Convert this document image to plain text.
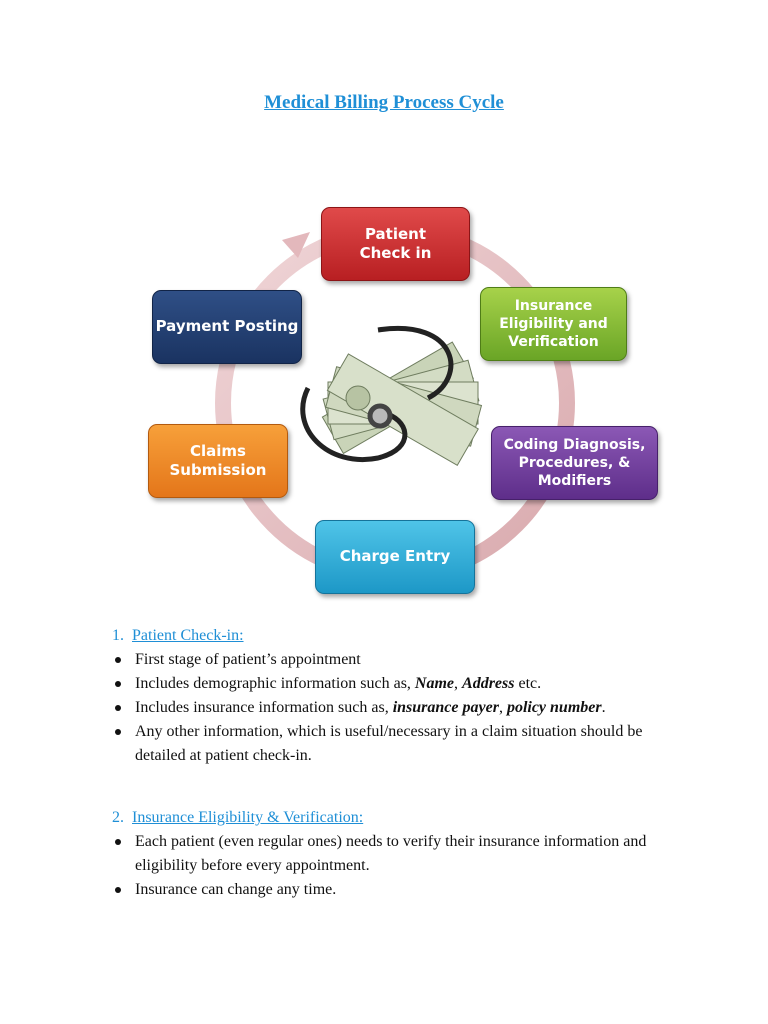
Medical Billing Process Cycle
Patient
Check in
Insurance
Eligibility and
Verification
Coding Diagnosis,
Procedures, &
Modifiers
Charge Entry
Claims
Submission
Payment Posting
1. Patient Check-in:
First stage of patient’s appointment
Includes demographic information such as, Name, Address etc.
Includes insurance information such as, insurance payer, policy number.
Any other information, which is useful/necessary in a claim situation should be detailed at patient check-in.
2. Insurance Eligibility & Verification:
Each patient (even regular ones) needs to verify their insurance information and eligibility before every appointment.
Insurance can change any time.
